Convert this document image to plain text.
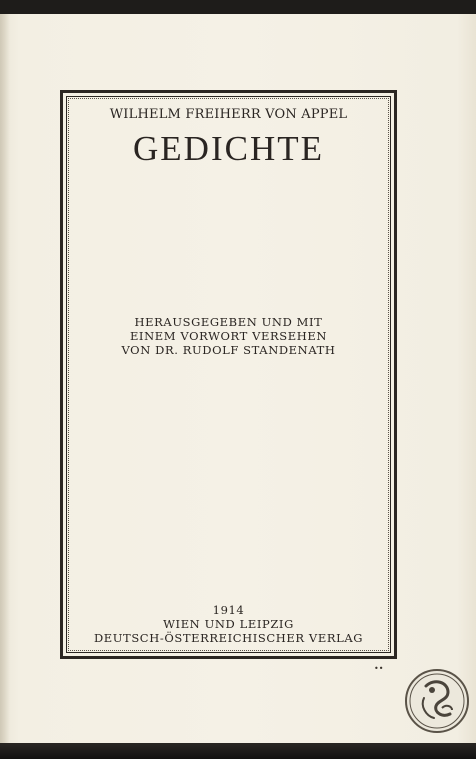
WILHELM FREIHERR VON APPEL
GEDICHTE
HERAUSGEGEBEN UND MIT
EINEM VORWORT VERSEHEN
VON DR. RUDOLF STANDENATH
1914
WIEN UND LEIPZIG
DEUTSCH-ÖSTERREICHISCHER VERLAG
••
